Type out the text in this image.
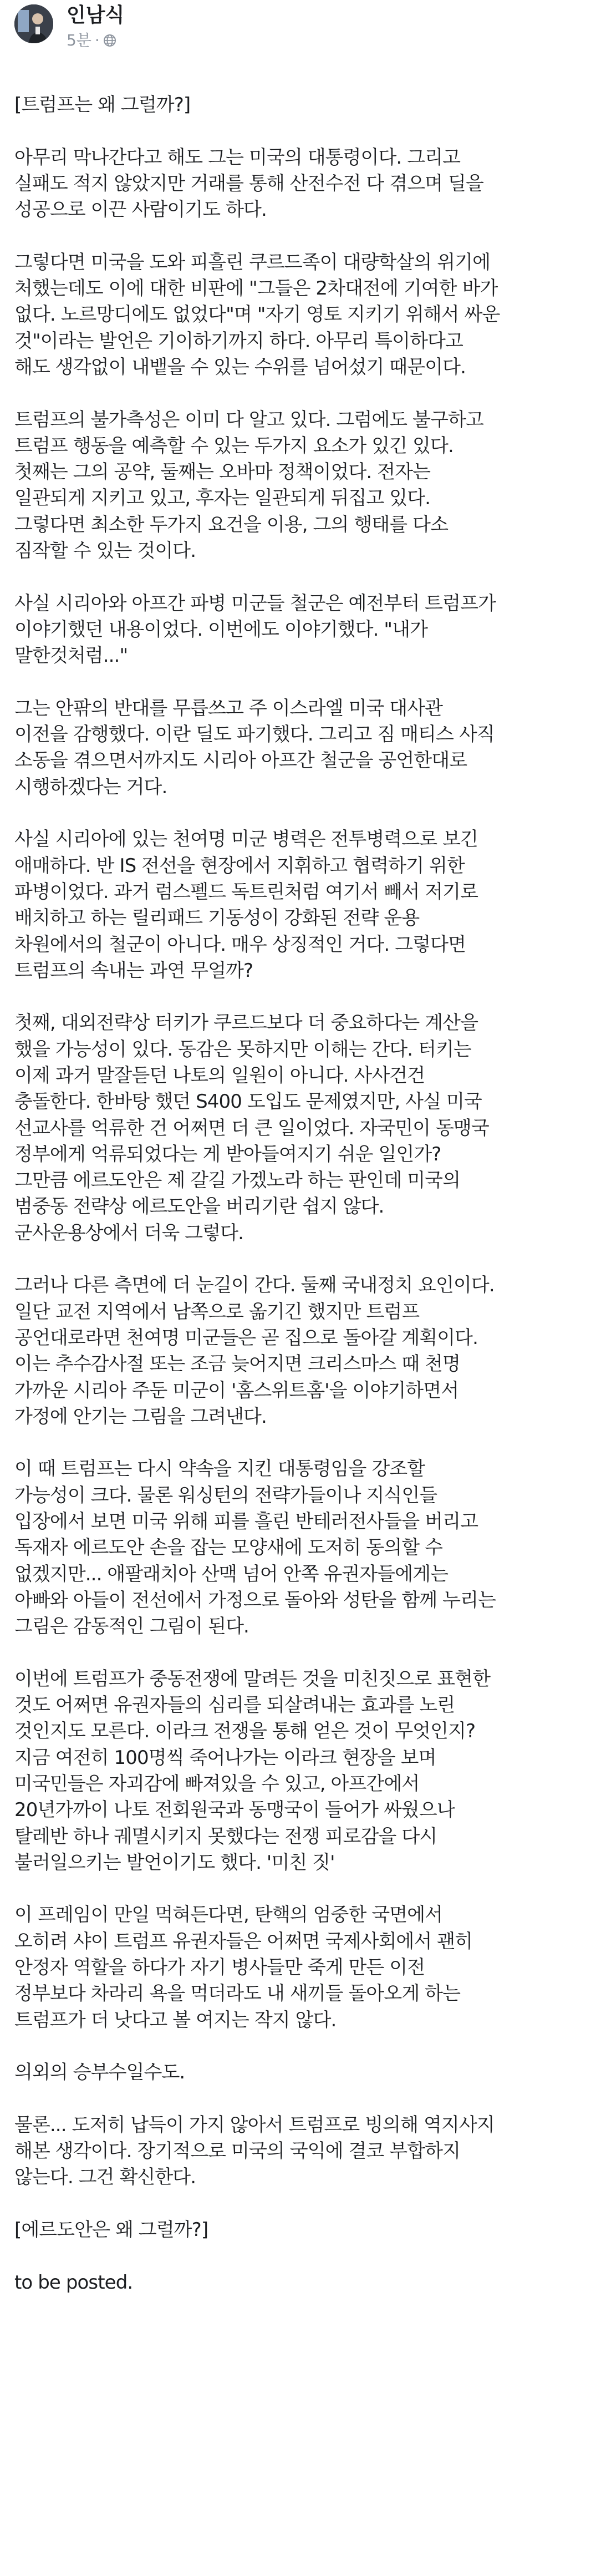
인남식
5분 ·
[트럼프는 왜 그럴까?]
아무리 막나간다고 해도 그는 미국의 대통령이다. 그리고
실패도 적지 않았지만 거래를 통해 산전수전 다 겪으며 딜을
성공으로 이끈 사람이기도 하다.
그렇다면 미국을 도와 피흘린 쿠르드족이 대량학살의 위기에
처했는데도 이에 대한 비판에 "그들은 2차대전에 기여한 바가
없다. 노르망디에도 없었다"며 "자기 영토 지키기 위해서 싸운
것"이라는 발언은 기이하기까지 하다. 아무리 특이하다고
해도 생각없이 내뱉을 수 있는 수위를 넘어섰기 때문이다.
트럼프의 불가측성은 이미 다 알고 있다. 그럼에도 불구하고
트럼프 행동을 예측할 수 있는 두가지 요소가 있긴 있다.
첫째는 그의 공약, 둘째는 오바마 정책이었다. 전자는
일관되게 지키고 있고, 후자는 일관되게 뒤집고 있다.
그렇다면 최소한 두가지 요건을 이용, 그의 행태를 다소
짐작할 수 있는 것이다.
사실 시리아와 아프간 파병 미군들 철군은 예전부터 트럼프가
이야기했던 내용이었다. 이번에도 이야기했다. "내가
말한것처럼..."
그는 안팎의 반대를 무릅쓰고 주 이스라엘 미국 대사관
이전을 감행했다. 이란 딜도 파기했다. 그리고 짐 매티스 사직
소동을 겪으면서까지도 시리아 아프간 철군을 공언한대로
시행하겠다는 거다.
사실 시리아에 있는 천여명 미군 병력은 전투병력으로 보긴
애매하다. 반 IS 전선을 현장에서 지휘하고 협력하기 위한
파병이었다. 과거 럼스펠드 독트린처럼 여기서 빼서 저기로
배치하고 하는 릴리패드 기동성이 강화된 전략 운용
차원에서의 철군이 아니다. 매우 상징적인 거다. 그렇다면
트럼프의 속내는 과연 무얼까?
첫째, 대외전략상 터키가 쿠르드보다 더 중요하다는 계산을
했을 가능성이 있다. 동감은 못하지만 이해는 간다. 터키는
이제 과거 말잘듣던 나토의 일원이 아니다. 사사건건
충돌한다. 한바탕 했던 S400 도입도 문제였지만, 사실 미국
선교사를 억류한 건 어쩌면 더 큰 일이었다. 자국민이 동맹국
정부에게 억류되었다는 게 받아들여지기 쉬운 일인가?
그만큼 에르도안은 제 갈길 가겠노라 하는 판인데 미국의
범중동 전략상 에르도안을 버리기란 쉽지 않다.
군사운용상에서 더욱 그렇다.
그러나 다른 측면에 더 눈길이 간다. 둘째 국내정치 요인이다.
일단 교전 지역에서 남쪽으로 옮기긴 했지만 트럼프
공언대로라면 천여명 미군들은 곧 집으로 돌아갈 계획이다.
이는 추수감사절 또는 조금 늦어지면 크리스마스 때 천명
가까운 시리아 주둔 미군이 '홈스위트홈'을 이야기하면서
가정에 안기는 그림을 그려낸다.
이 때 트럼프는 다시 약속을 지킨 대통령임을 강조할
가능성이 크다. 물론 워싱턴의 전략가들이나 지식인들
입장에서 보면 미국 위해 피를 흘린 반테러전사들을 버리고
독재자 에르도안 손을 잡는 모양새에 도저히 동의할 수
없겠지만... 애팔래치아 산맥 넘어 안쪽 유권자들에게는
아빠와 아들이 전선에서 가정으로 돌아와 성탄을 함께 누리는
그림은 감동적인 그림이 된다.
이번에 트럼프가 중동전쟁에 말려든 것을 미친짓으로 표현한
것도 어쩌면 유권자들의 심리를 되살려내는 효과를 노린
것인지도 모른다. 이라크 전쟁을 통해 얻은 것이 무엇인지?
지금 여전히 100명씩 죽어나가는 이라크 현장을 보며
미국민들은 자괴감에 빠져있을 수 있고, 아프간에서
20년가까이 나토 전회원국과 동맹국이 들어가 싸웠으나
탈레반 하나 궤멸시키지 못했다는 전쟁 피로감을 다시
불러일으키는 발언이기도 했다. '미친 짓'
이 프레임이 만일 먹혀든다면, 탄핵의 엄중한 국면에서
오히려 샤이 트럼프 유권자들은 어쩌면 국제사회에서 괜히
안정자 역할을 하다가 자기 병사들만 죽게 만든 이전
정부보다 차라리 욕을 먹더라도 내 새끼들 돌아오게 하는
트럼프가 더 낫다고 볼 여지는 작지 않다.
의외의 승부수일수도.
물론... 도저히 납득이 가지 않아서 트럼프로 빙의해 역지사지
해본 생각이다. 장기적으로 미국의 국익에 결코 부합하지
않는다. 그건 확신한다.
[에르도안은 왜 그럴까?]
to be posted.
